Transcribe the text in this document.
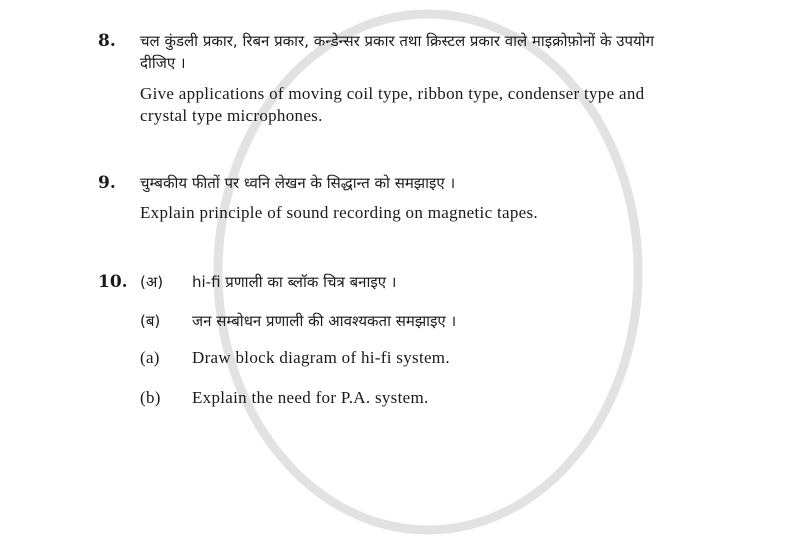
8.	चल कुंडली प्रकार, रिबन प्रकार, कन्डेन्सर प्रकार तथा क्रिस्टल प्रकार वाले माइक्रोफ़ोनों के उपयोग
दीजिए ।
Give applications of moving coil type, ribbon type, condenser type and
crystal type microphones.
9.	चुम्बकीय फीतों पर ध्वनि लेखन के सिद्धान्त को समझाइए ।
Explain principle of sound recording on magnetic tapes.
10. (अ)	hi-fi प्रणाली का ब्लॉक चित्र बनाइए ।
(ब)	जन सम्बोधन प्रणाली की आवश्यकता समझाइए ।
(a)	Draw block diagram of hi-fi system.
(b)	Explain the need for P.A. system.
